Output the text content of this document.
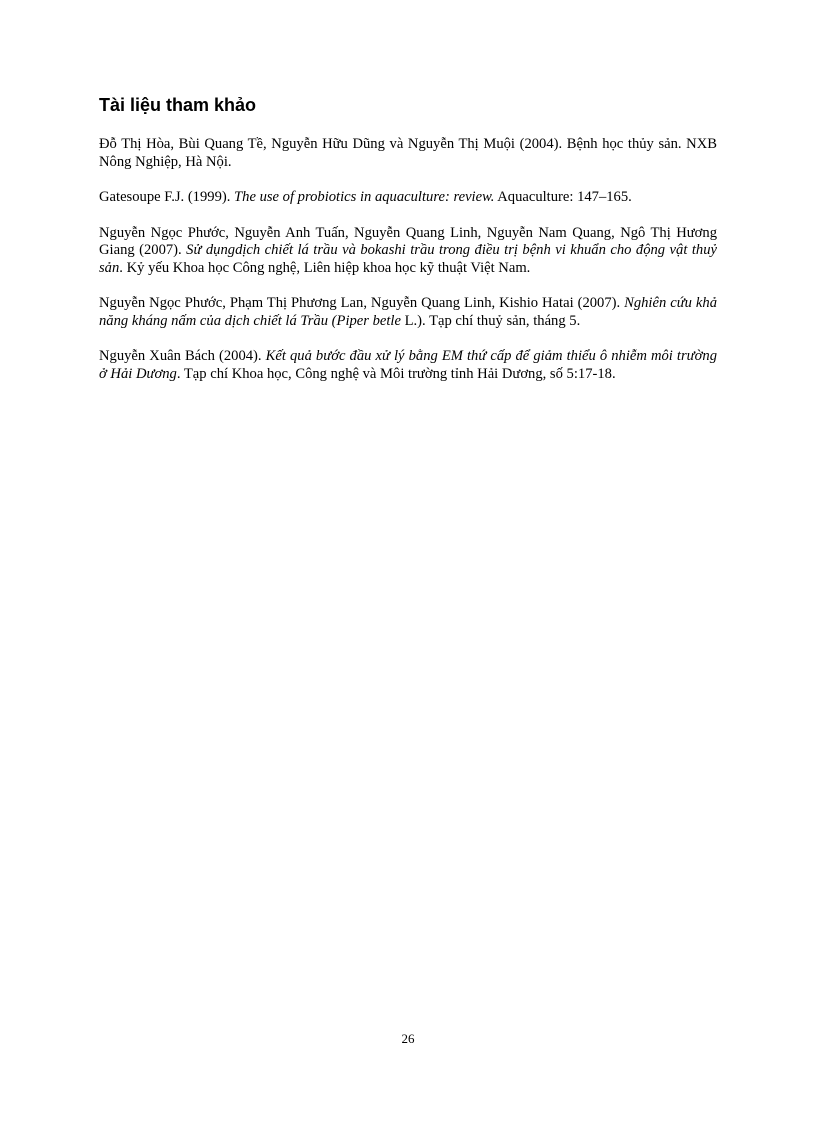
Tài liệu tham khảo
Đỗ Thị Hòa, Bùi Quang Tề, Nguyễn Hữu Dũng và Nguyễn Thị Muội (2004). Bệnh học thủy sản. NXB Nông Nghiệp, Hà Nội.
Gatesoupe F.J. (1999). The use of probiotics in aquaculture: review. Aquaculture: 147–165.
Nguyễn Ngọc Phước, Nguyễn Anh Tuấn, Nguyễn Quang Linh, Nguyễn Nam Quang, Ngô Thị Hương Giang (2007). Sử dụngdịch chiết lá trầu và bokashi trầu trong điều trị bệnh vi khuẩn cho động vật thuỷ sản. Kỷ yếu Khoa học Công nghệ, Liên hiệp khoa học kỹ thuật Việt Nam.
Nguyễn Ngọc Phước, Phạm Thị Phương Lan, Nguyễn Quang Linh, Kishio Hatai (2007). Nghiên cứu khả năng kháng nấm của dịch chiết lá Trầu (Piper betle L.). Tạp chí thuỷ sản, tháng 5.
Nguyễn Xuân Bách (2004). Kết quả bước đầu xử lý bằng EM thứ cấp để giảm thiểu ô nhiễm môi trường ở Hải Dương. Tạp chí Khoa học, Công nghệ và Môi trường tỉnh Hải Dương, số 5:17-18.
26
